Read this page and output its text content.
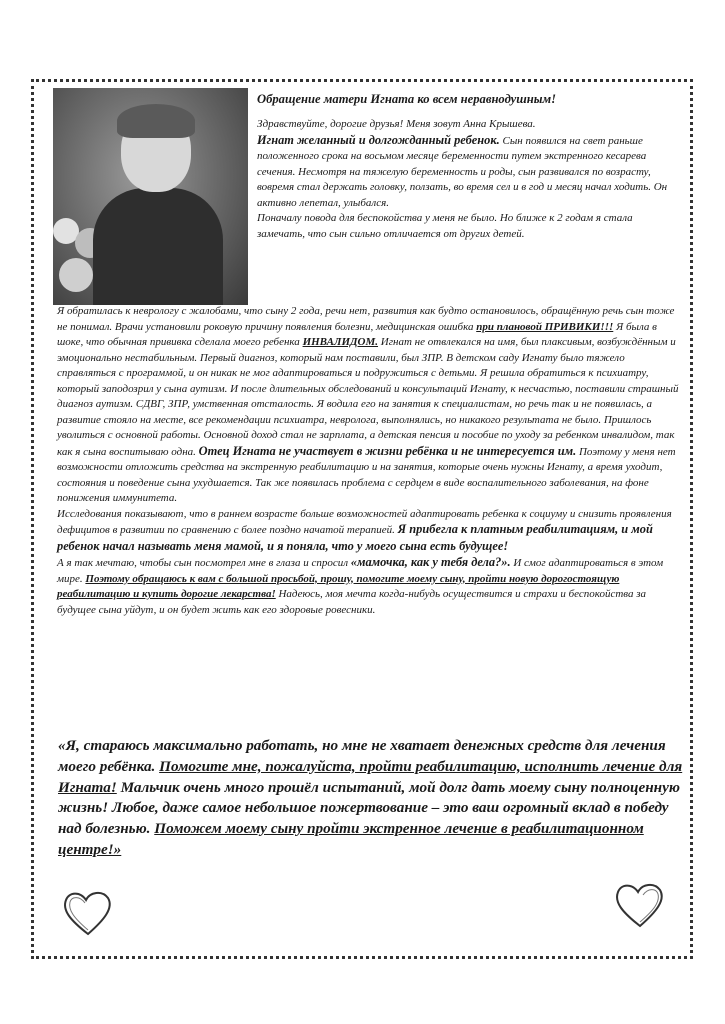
Обращение матери Игната ко всем неравнодушным!

Здравствуйте, дорогие друзья! Меня зовут Анна Крышева.

Игнат желанный и долгожданный ребенок. Сын появился на свет раньше положенного срока на восьмом месяце беременности путем экстренного кесарева сечения. Несмотря на тяжелую беременность и роды, сын развивался по возрасту, вовремя стал держать головку, ползать, во время сел и в год и месяц начал ходить. Он активно лепетал, улыбался.

Поначалу повода для беспокойства у меня не было. Но ближе к 2 годам я стала замечать, что сын сильно отличается от других детей.

Я обратилась к неврологу с жалобами, что сыну 2 года, речи нет, развития как будто остановилось, обращённую речь сын тоже не понимал. Врачи установили роковую причину появления болезни, медицинская ошибка при плановой ПРИВИКИ!!! Я была в шоке, что обычная прививка сделала моего ребенка ИНВАЛИДОМ. Игнат не отвлекался на имя, был плаксивым, возбуждённым и эмоционально нестабильным. Первый диагноз, который нам поставили, был ЗПР. В детском саду Игнату было тяжело справляться с программой, и он никак не мог адаптироваться и подружиться с детьми. Я решила обратиться к психиатру, который заподозрил у сына аутизм. И после длительных обследований и консультаций Игнату, к несчастью, поставили страшный диагноз аутизм. СДВГ, ЗПР, умственная отсталость. Я водила его на занятия к специалистам, но речь так и не появилась, а развитие стояло на месте, все рекомендации психиатра, невролога, выполнялись, но никакого результата не было. Пришлось уволиться с основной работы. Основной доход стал не зарплата, а детская пенсия и пособие по уходу за ребенком инвалидом, так как я сына воспитываю одна. Отец Игната не участвует в жизни ребёнка и не интересуется им. Поэтому у меня нет возможности отложить средства на экстренную реабилитацию и на занятия, которые очень нужны Игнату, а время уходит, состояния и поведение сына ухудшается. Так же появилась проблема с сердцем в виде воспалительного заболевания, на фоне понижения иммунитета.

Исследования показывают, что в раннем возрасте больше возможностей адаптировать ребенка к социуму и снизить проявления дефицитов в развитии по сравнению с более поздно начатой терапией. Я прибегла к платным реабилитациям, и мой ребенок начал называть меня мамой, и я поняла, что у моего сына есть будущее!

А я так мечтаю, чтобы сын посмотрел мне в глаза и спросил «мамочка, как у тебя дела?». И смог адаптироваться в этом мире. Поэтому обращаюсь к вам с большой просьбой, прошу, помогите моему сыну, пройти новую дорогостоящую реабилитацию и купить дорогие лекарства! Надеюсь, моя мечта когда-нибудь осуществится и страхи и беспокойства за будущее сына уйдут, и он будет жить как его здоровые ровесники.

«Я, стараюсь максимально работать, но мне не хватает денежных средств для лечения моего ребёнка. Помогите мне, пожалуйста, пройти реабилитацию, исполнить лечение для Игната! Мальчик очень много прошёл испытаний, мой долг дать моему сыну полноценную жизнь! Любое, даже самое небольшое пожертвование – это ваш огромный вклад в победу над болезнью. Поможем моему сыну пройти экстренное лечение в реабилитационном центре!»
